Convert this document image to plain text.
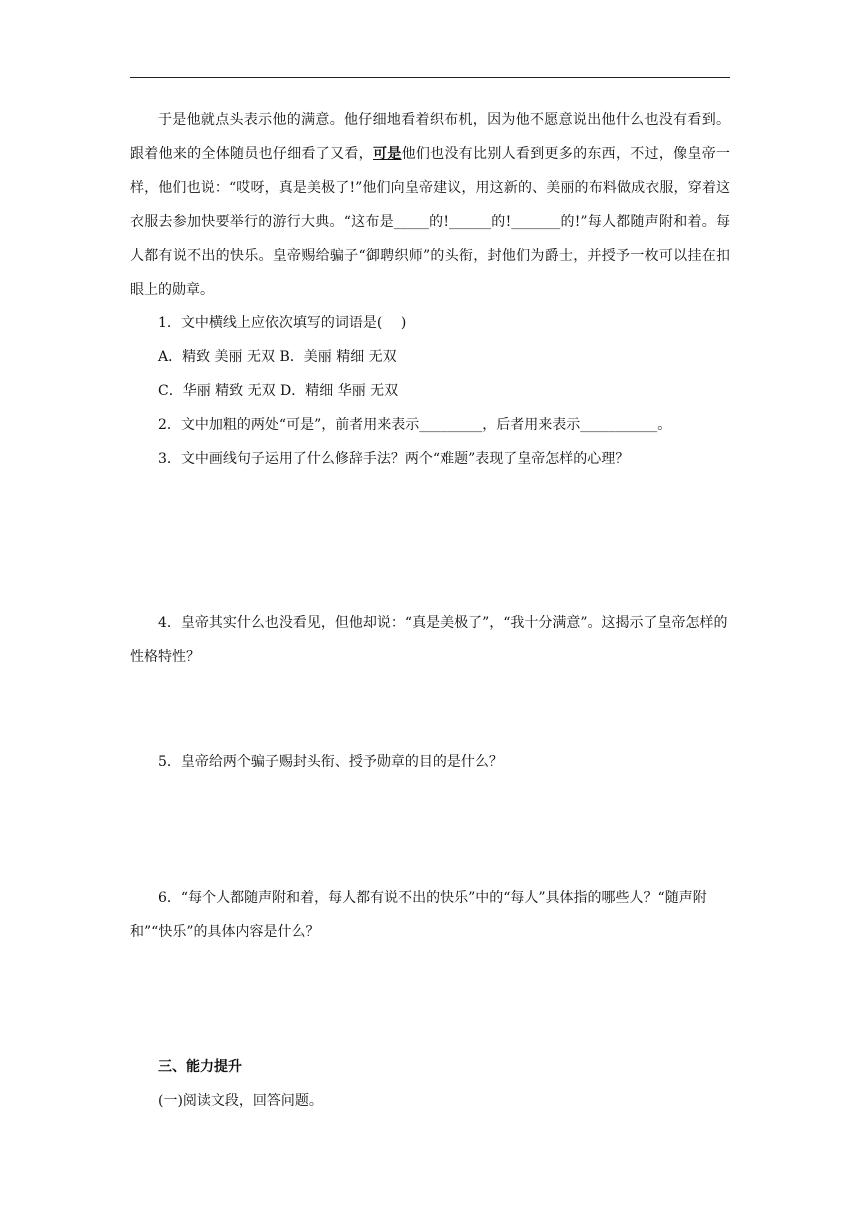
于是他就点头表示他的满意。他仔细地看着织布机，因为他不愿意说出他什么也没有看到。跟着他来的全体随员也仔细看了又看，可是他们也没有比别人看到更多的东西，不过，像皇帝一样，他们也说：“哎呀，真是美极了!”他们向皇帝建议，用这新的、美丽的布料做成衣服，穿着这衣服去参加快要举行的游行大典。“这布是_____的!______的!_______的!”每人都随声附和着。每人都有说不出的快乐。皇帝赐给骗子“御聘织师”的头衔，封他们为爵士，并授予一枚可以挂在扣眼上的勋章。
1．文中横线上应依次填写的词语是(　 )
A．精致 美丽 无双 B．美丽 精细 无双
C．华丽 精致 无双 D．精细 华丽 无双
2．文中加粗的两处“可是”，前者用来表示_________，后者用来表示___________。
3．文中画线句子运用了什么修辞手法？两个“难题”表现了皇帝怎样的心理？
4．皇帝其实什么也没看见，但他却说：“真是美极了”，“我十分满意”。这揭示了皇帝怎样的性格特性？
5．皇帝给两个骗子赐封头衔、授予勋章的目的是什么？
6．“每个人都随声附和着，每人都有说不出的快乐”中的“每人”具体指的哪些人？“随声附和”“快乐”的具体内容是什么？
三、能力提升
(一)阅读文段，回答问题。
